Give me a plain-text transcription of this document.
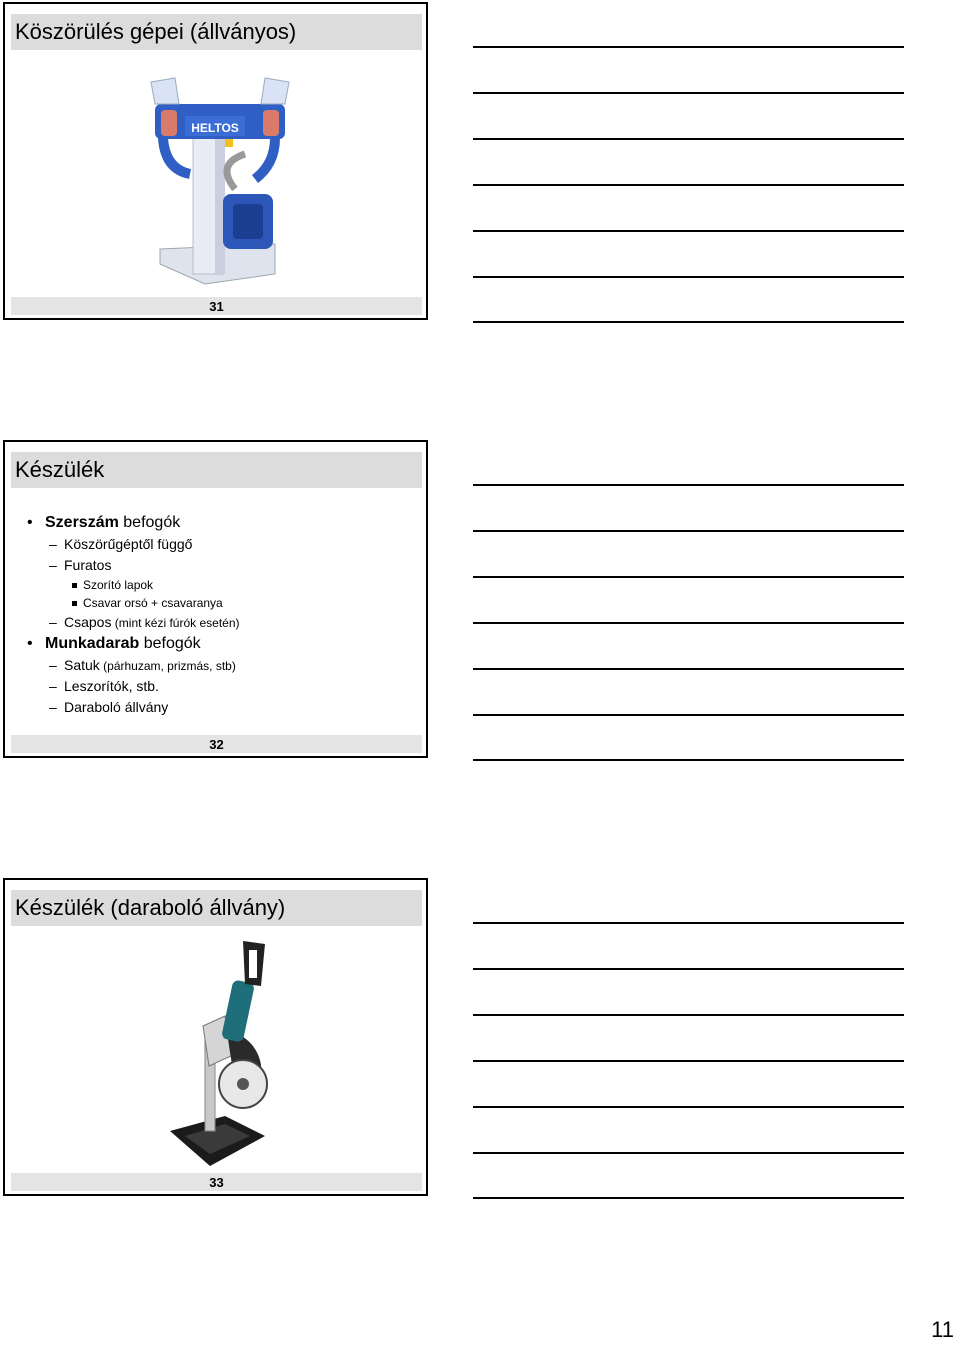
Köszörülés gépei (állványos)
HELTOS
31
Készülék
• Szerszám befogók
– Köszörűgéptől függő
– Furatos
Szorító lapok
Csavar orsó + csavaranya
– Csapos (mint kézi fúrók esetén)
• Munkadarab befogók
– Satuk (párhuzam, prizmás, stb)
– Leszorítók, stb.
– Daraboló állvány
32
Készülék (daraboló állvány)
33
11
